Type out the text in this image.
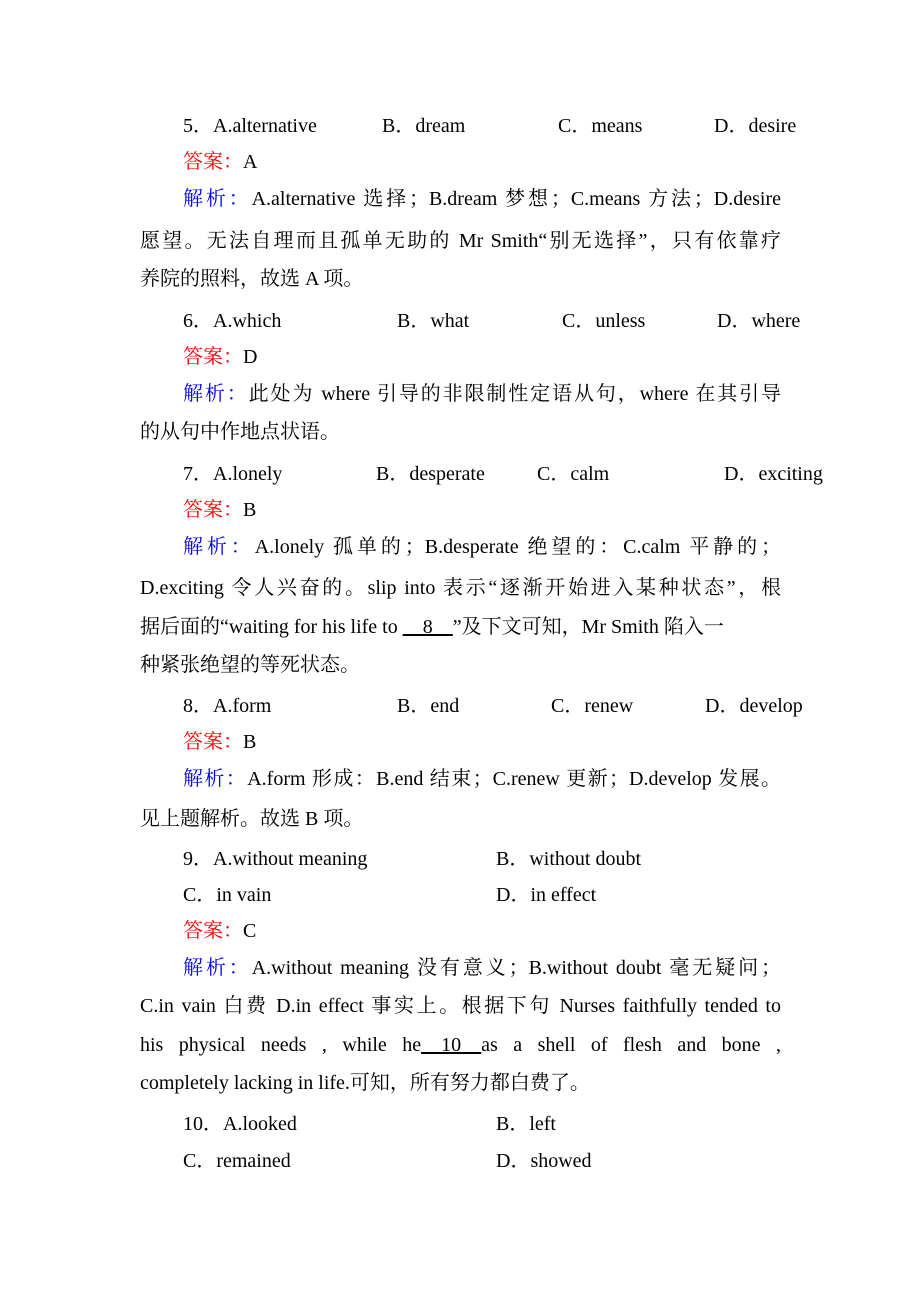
5．A.alternative	B．dream	C．means	D．desire
答案：A
解析：A.alternative 选择；B.dream 梦想；C.means 方法；D.desire
愿望。无法自理而且孤单无助的 Mr Smith“别无选择”，只有依靠疗
养院的照料，故选 A 项。
6．A.which	B．what	C．unless	D．where
答案：D
解析：此处为 where 引导的非限制性定语从句，where 在其引导
的从句中作地点状语。
7．A.lonely	B．desperate	C．calm	D．exciting
答案：B
解析：A.lonely 孤单的；B.desperate 绝望的：C.calm 平静的；
D.exciting 令人兴奋的。slip into 表示“逐渐开始进入某种状态”，根
据后面的“waiting for his life to __8__”及下文可知，Mr Smith 陷入一
种紧张绝望的等死状态。
8．A.form	B．end	C．renew	D．develop
答案：B
解析：A.form 形成：B.end 结束；C.renew 更新；D.develop 发展。
见上题解析。故选 B 项。
9．A.without meaning	B．without doubt
C．in vain	D．in effect
答案：C
解析：A.without meaning 没有意义；B.without doubt 毫无疑问；
C.in vain 白费 D.in effect 事实上。根据下句 Nurses faithfully tended to
his physical needs , while he__10__as a shell of flesh and bone ,
completely lacking in life.可知，所有努力都白费了。
10．A.looked	B．left
C．remained	D．showed
